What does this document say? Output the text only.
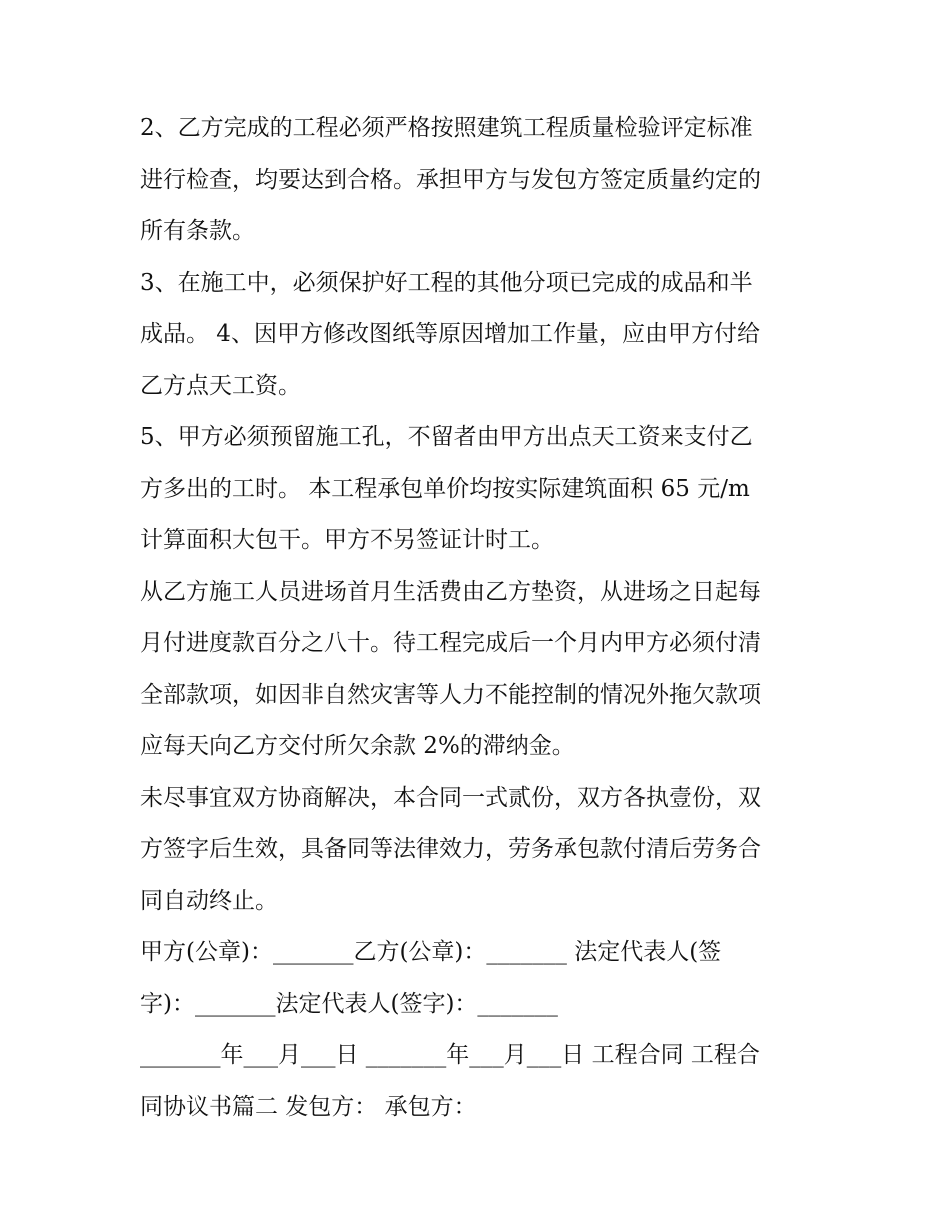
2、乙方完成的工程必须严格按照建筑工程质量检验评定标准
进行检查，均要达到合格。承担甲方与发包方签定质量约定的
所有条款。
3、在施工中，必须保护好工程的其他分项已完成的成品和半
成品。 4、因甲方修改图纸等原因增加工作量，应由甲方付给
乙方点天工资。
5、甲方必须预留施工孔，不留者由甲方出点天工资来支付乙
方多出的工时。 本工程承包单价均按实际建筑面积 65 元/m
计算面积大包干。甲方不另签证计时工。
从乙方施工人员进场首月生活费由乙方垫资，从进场之日起每
月付进度款百分之八十。待工程完成后一个月内甲方必须付清
全部款项，如因非自然灾害等人力不能控制的情况外拖欠款项
应每天向乙方交付所欠余款 2%的滞纳金。
未尽事宜双方协商解决，本合同一式贰份，双方各执壹份，双
方签字后生效，具备同等法律效力，劳务承包款付清后劳务合
同自动终止。
甲方(公章)：_______乙方(公章)：_______ 法定代表人(签
字)：_______法定代表人(签字)：_______
_______年___月___日 _______年___月___日 工程合同 工程合
同协议书篇二 发包方： 承包方：
